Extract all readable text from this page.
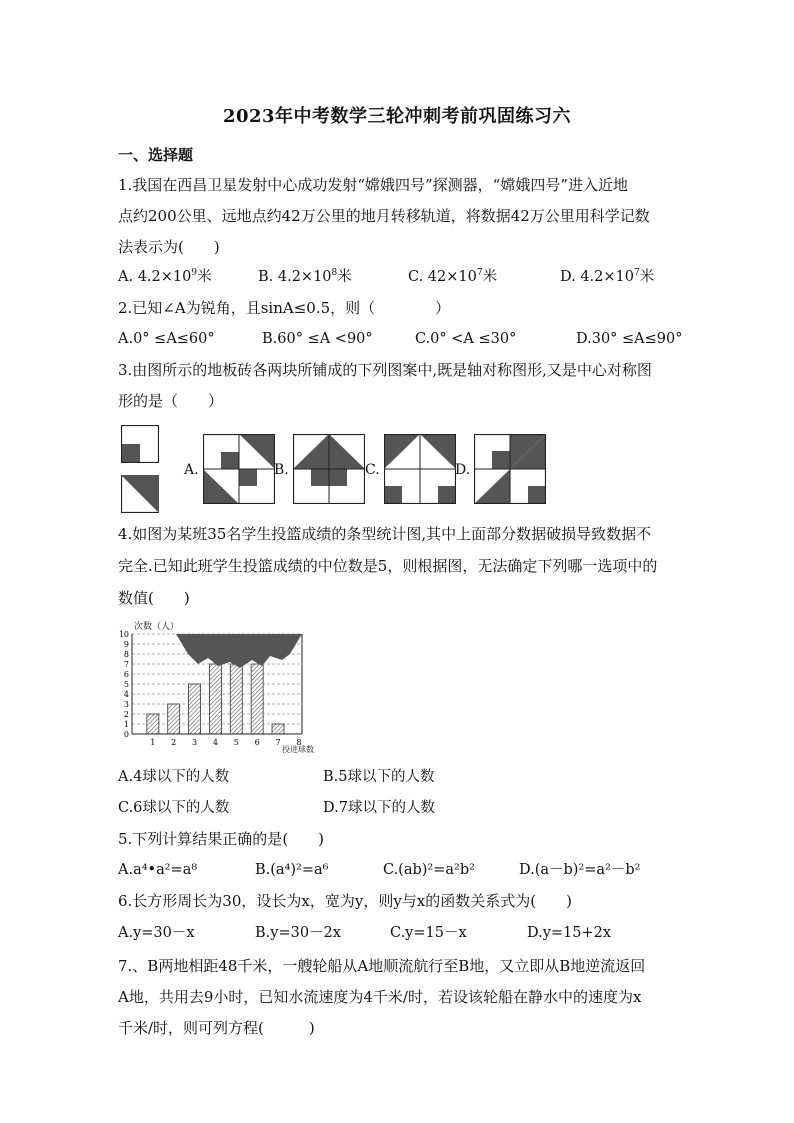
2023年中考数学三轮冲刺考前巩固练习六
一、选择题
1.我国在西昌卫星发射中心成功发射“嫦娥四号”探测器，“嫦娥四号”进入近地
点约200公里、远地点约42万公里的地月转移轨道，将数据42万公里用科学记数
法表示为(　　)
A. $4.2\times 10^9$米	B. $4.2\times 10^8$米	C. $42\times 10^7$米	D. $4.2\times 10^7$米
2.已知∠A为锐角，且sinA≤0.5，则（　　　　）
A.0° ≤A≤60°	B.60° ≤A <90°	C.0° <A ≤30°	D.30° ≤A≤90°
3.由图所示的地板砖各两块所铺成的下列图案中,既是轴对称图形,又是中心对称图
形的是（　　）
A.	B.	C.	D.
4.如图为某班35名学生投篮成绩的条型统计图,其中上面部分数据破损导致数据不
完全.已知此班学生投篮成绩的中位数是5，则根据图，无法确定下列哪一选项中的
数值(　　)
0
1
2
3
4
5
6
7
8
9
10
1 2 3 4 5 6 7 8
次数（人）
投进球数
A.4球以下的人数	B.5球以下的人数
C.6球以下的人数	D.7球以下的人数
5.下列计算结果正确的是(　　)
A.a⁴•a²=a⁸	B.(a⁴)²=a⁶	C.(ab)²=a²b²	D.(a－b)²=a²－b²
6.长方形周长为30，设长为x，宽为y，则y与x的函数关系式为(　　)
A.y=30－x	B.y=30－2x	C.y=15－x	D.y=15+2x
7.、B两地相距48千米，一艘轮船从A地顺流航行至B地，又立即从B地逆流返回
A地，共用去9小时，已知水流速度为4千米/时，若设该轮船在静水中的速度为x
千米/时，则可列方程(　　　)
